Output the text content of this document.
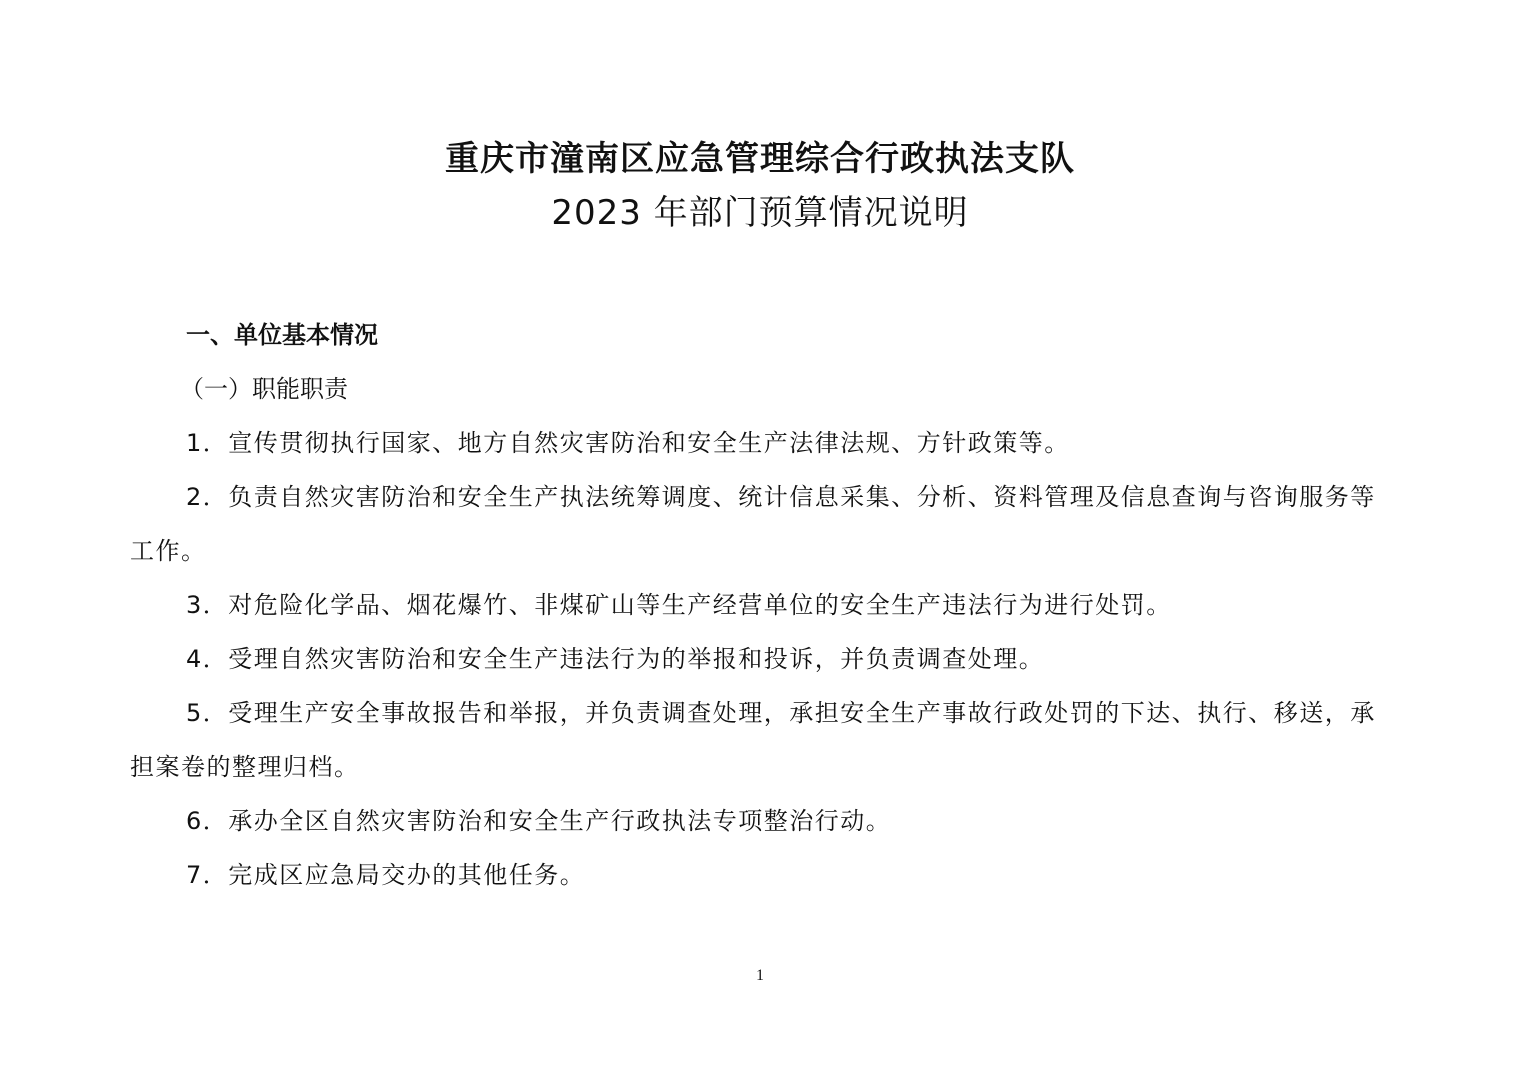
重庆市潼南区应急管理综合行政执法支队
2023 年部门预算情况说明
一、单位基本情况
（一）职能职责

1．宣传贯彻执行国家、地方自然灾害防治和安全生产法律法规、方针政策等。

2．负责自然灾害防治和安全生产执法统筹调度、统计信息采集、分析、资料管理及信息查询与咨询服务等工作。

3．对危险化学品、烟花爆竹、非煤矿山等生产经营单位的安全生产违法行为进行处罚。

4．受理自然灾害防治和安全生产违法行为的举报和投诉，并负责调查处理。

5．受理生产安全事故报告和举报，并负责调查处理，承担安全生产事故行政处罚的下达、执行、移送，承担案卷的整理归档。

6．承办全区自然灾害防治和安全生产行政执法专项整治行动。

7．完成区应急局交办的其他任务。

1
